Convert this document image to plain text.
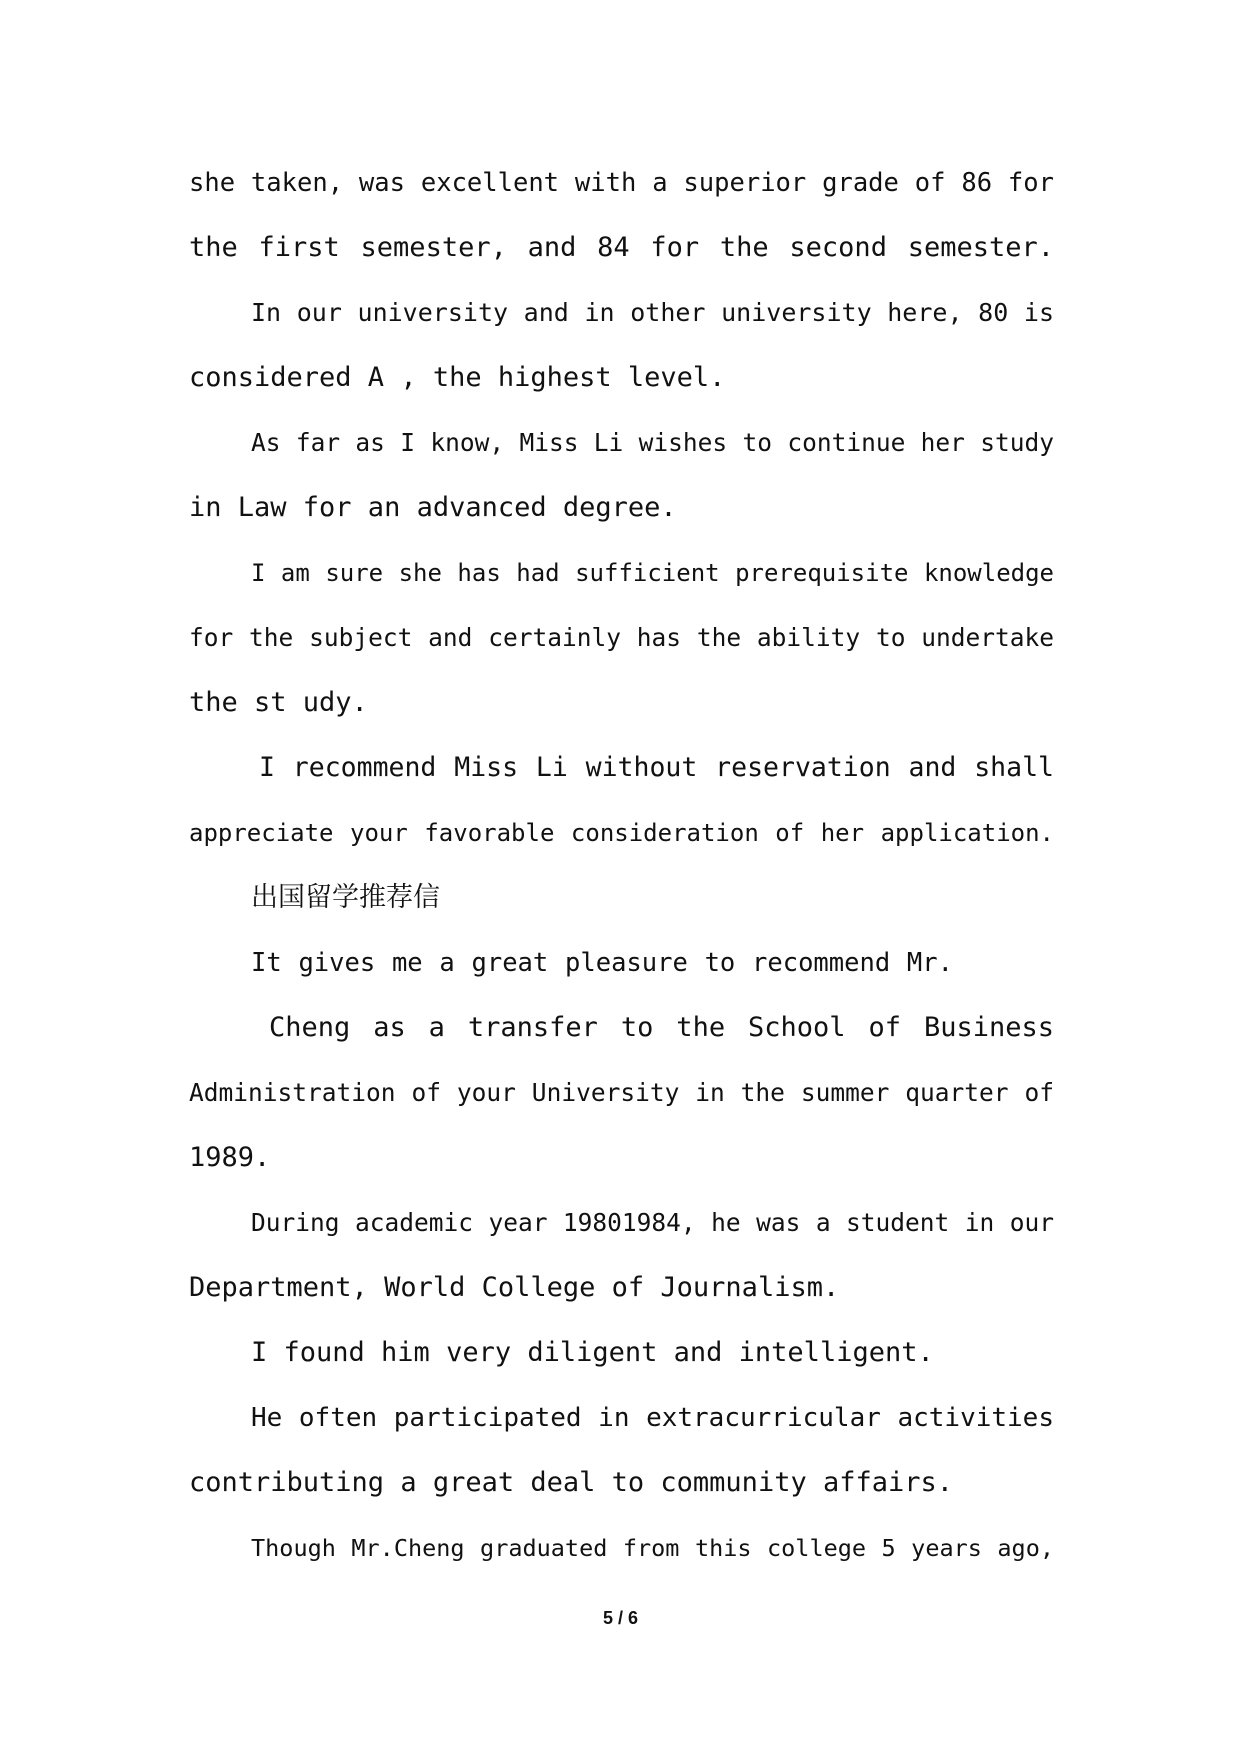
she taken, was excellent with a superior grade of 86 for
the first semester, and 84 for the second semester.
In our university and in other university here, 80 is
considered A , the highest level.
As far as I know, Miss Li wishes to continue her study
in Law for an advanced degree.
I am sure she has had sufficient prerequisite knowledge
for the subject and certainly has the ability to undertake
the st udy.
I recommend Miss Li without reservation and shall
appreciate your favorable consideration of her application.
出国留学推荐信
It gives me a great pleasure to recommend Mr.
Cheng as a transfer to the School of Business
Administration of your University in the summer quarter of
1989.
During academic year 19801984, he was a student in our
Department, World College of Journalism.
I found him very diligent and intelligent.
He often participated in extracurricular activities
contributing a great deal to community affairs.
Though Mr.Cheng graduated from this college 5 years ago,
5 / 6
